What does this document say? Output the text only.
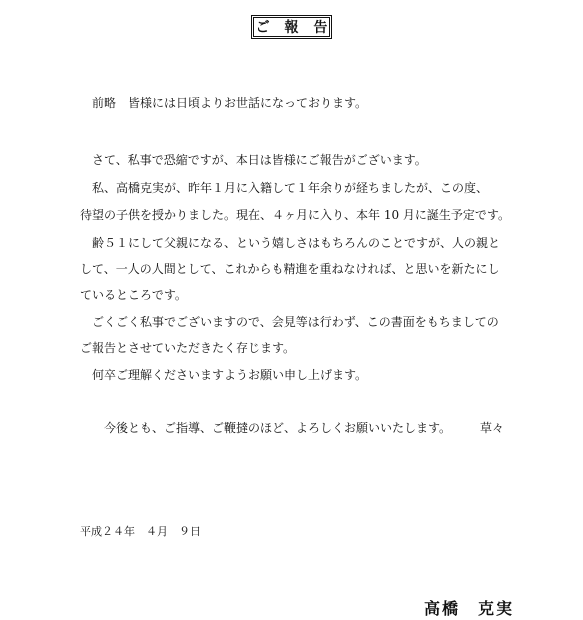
ご 報 告
前略　皆様には日頃よりお世話になっております。
さて、私事で恐縮ですが、本日は皆様にご報告がございます。
私、高橋克実が、昨年１月に入籍して１年余りが経ちましたが、この度、
待望の子供を授かりました。現在、４ヶ月に入り、本年 10 月に誕生予定です。
齢５１にして父親になる、という嬉しさはもちろんのことですが、人の親と
して、一人の人間として、これからも精進を重ねなければ、と思いを新たにし
ているところです。
ごくごく私事でございますので、会見等は行わず、この書面をもちましての
ご報告とさせていただきたく存じます。
何卒ご理解くださいますようお願い申し上げます。
今後とも、ご指導、ご鞭撻のほど、よろしくお願いいたします。 草々
平成２４年　４月　９日
高橋　克実
